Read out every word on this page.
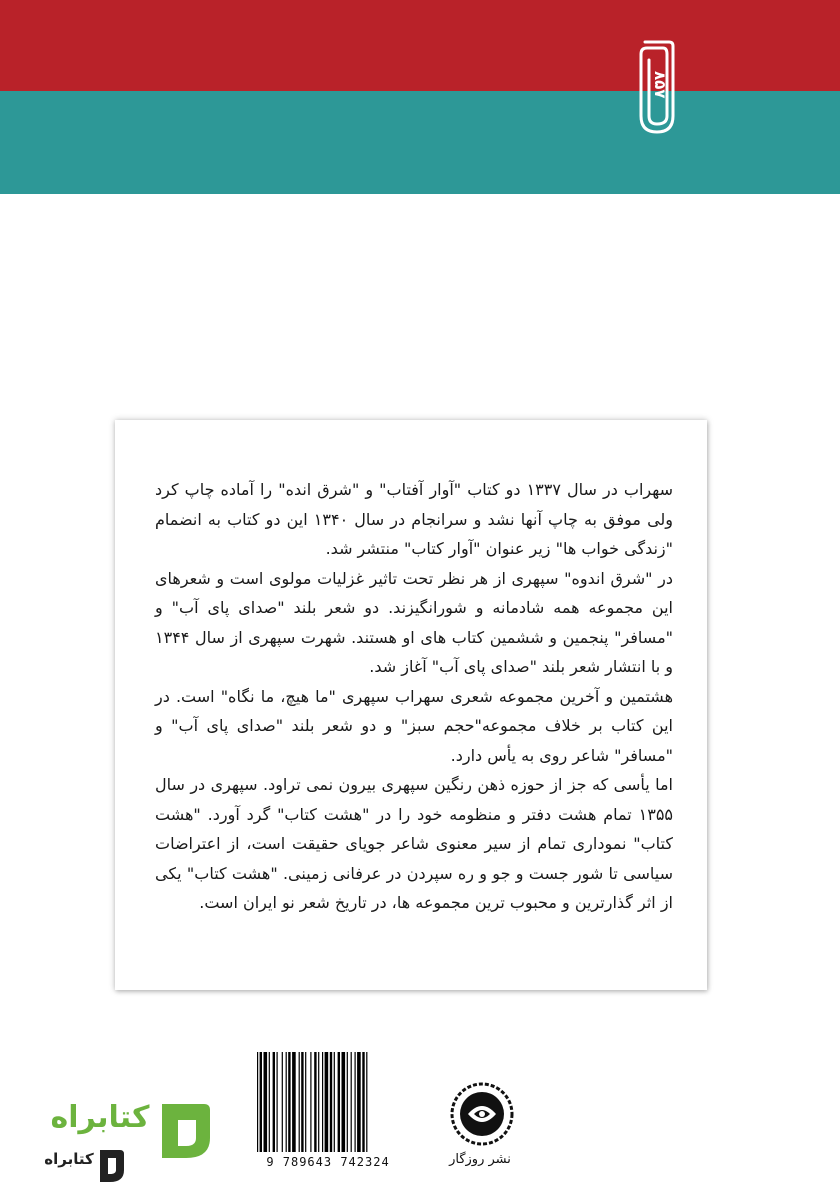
۸۵۷

سهراب در سال ۱۳۳۷ دو کتاب "آوار آفتاب" و "شرق انده" را آماده چاپ کرد ولی موفق به چاپ آنها نشد و سرانجام در سال ۱۳۴۰ این دو کتاب به انضمام "زندگی خواب ها" زیر عنوان "آوار کتاب" منتشر شد.

در "شرق اندوه" سپهری از هر نظر تحت تاثیر غزلیات مولوی است و شعرهای این مجموعه همه شادمانه و شورانگیزند. دو شعر بلند "صدای پای آب" و "مسافر" پنجمین و ششمین کتاب های او هستند. شهرت سپهری از سال ۱۳۴۴ و با انتشار شعر بلند "صدای پای آب" آغاز شد.

هشتمین و آخرین مجموعه شعری سهراب سپهری "ما هیچ، ما نگاه" است. در این کتاب بر خلاف مجموعه"حجم سبز" و دو شعر بلند "صدای پای آب" و "مسافر" شاعر روی به یأس دارد.

اما یأسی که جز از حوزه ذهن رنگین سپهری بیرون نمی تراود. سپهری در سال ۱۳۵۵ تمام هشت دفتر و منظومه خود را در "هشت کتاب" گرد آورد. "هشت کتاب" نموداری تمام از سیر معنوی شاعر جویای حقیقت است، از اعتراضات سیاسی تا شور جست و جو و ره سپردن در عرفانی زمینی. "هشت کتاب" یکی از اثر گذارترین و محبوب ترین مجموعه ها، در تاریخ شعر نو ایران است.

9 789643 742324	نشر روزگار
کتابراه
کتابراه
